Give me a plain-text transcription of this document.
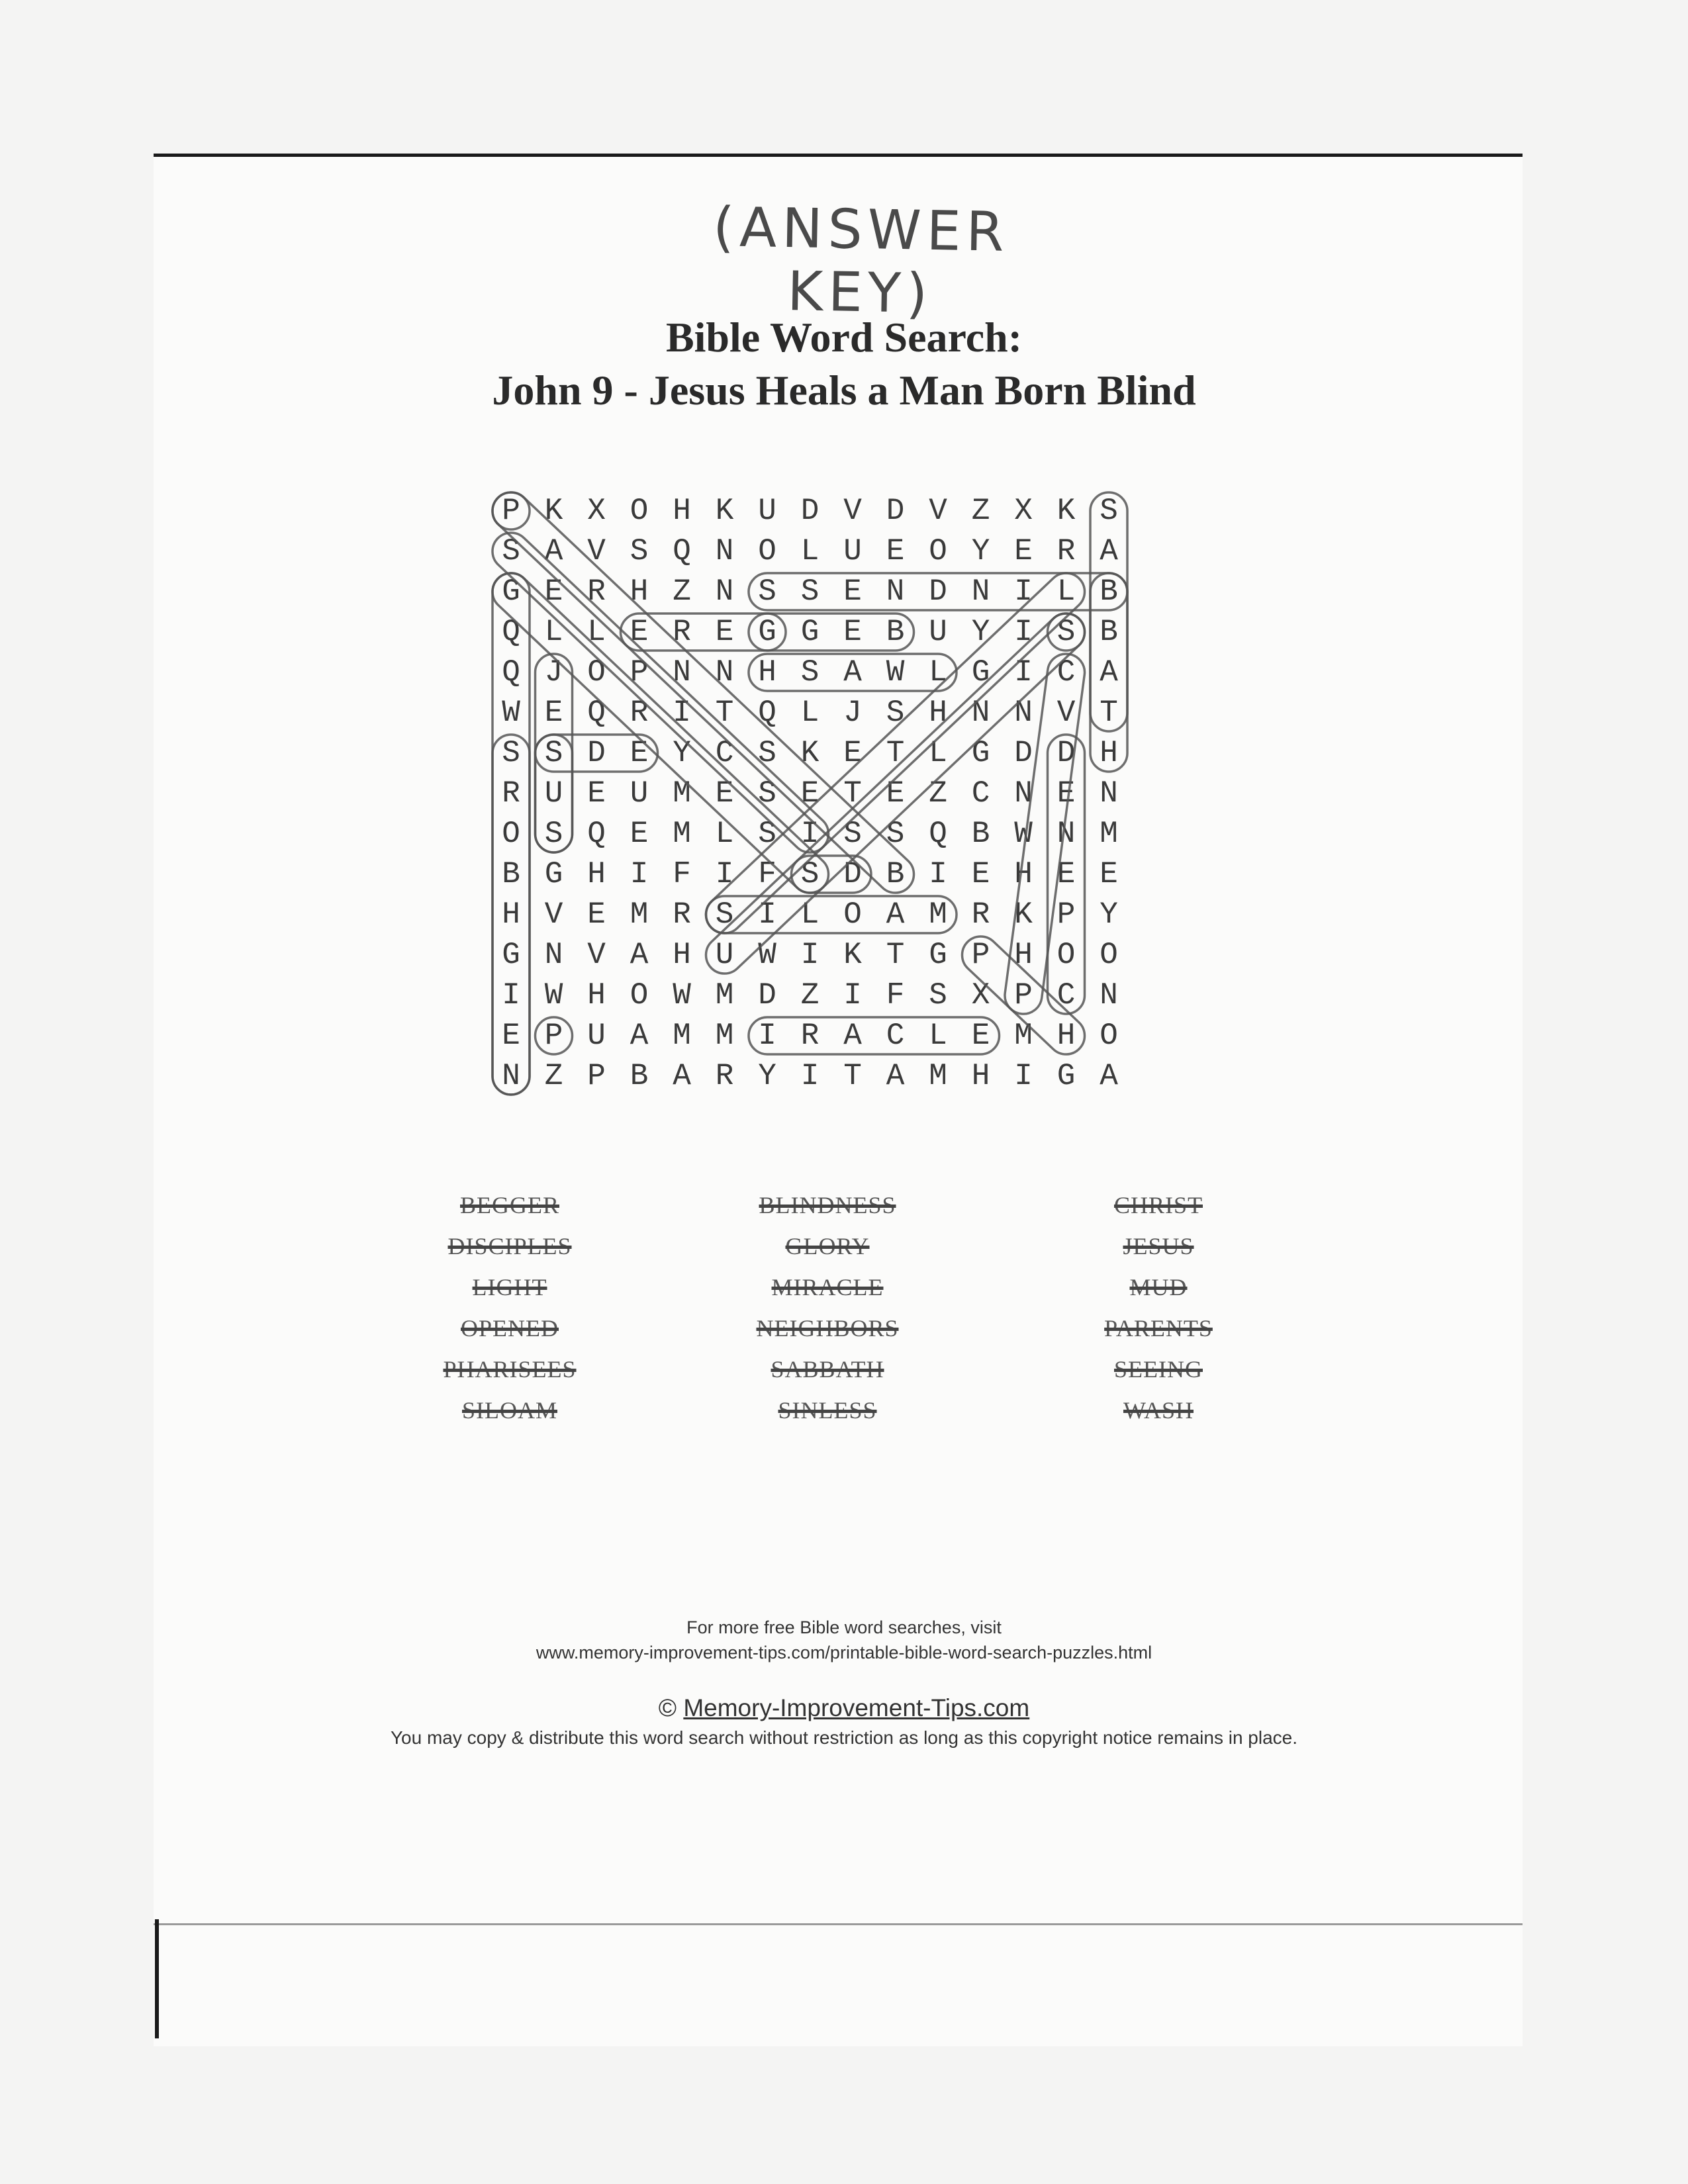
(ANSWER KEY)
Bible Word Search:
John 9 - Jesus Heals a Man Born Blind
P K X O H K U D V D V Z X K S
S A V S Q N O L U E O Y E R A
G E R H Z N S S E N D N I L B
Q L L E R E G G E B U Y I S B
Q J O P N N H S A W L G I C A
W E Q R I T Q L J S H N N V T
S S D E Y C S K E T L G D D H
R U E U M E S E T E Z C N E N
O S Q E M L S I S S Q B W N M
B G H I F I F S D B I E H E E
H V E M R S I L O A M R K P Y
G N V A H U W I K T G P H O O
I W H O W M D Z I F S X P C N
E P U A M M I R A C L E M H O
N Z P B A R Y I T A M H I G A
BEGGER	BLINDNESS	CHRIST
DISCIPLES	GLORY	JESUS
LIGHT	MIRACLE	MUD
OPENED	NEIGHBORS	PARENTS
PHARISEES	SABBATH	SEEING
SILOAM	SINLESS	WASH
For more free Bible word searches, visit
www.memory-improvement-tips.com/printable-bible-word-search-puzzles.html
© Memory-Improvement-Tips.com
You may copy & distribute this word search without restriction as long as this copyright notice remains in place.
